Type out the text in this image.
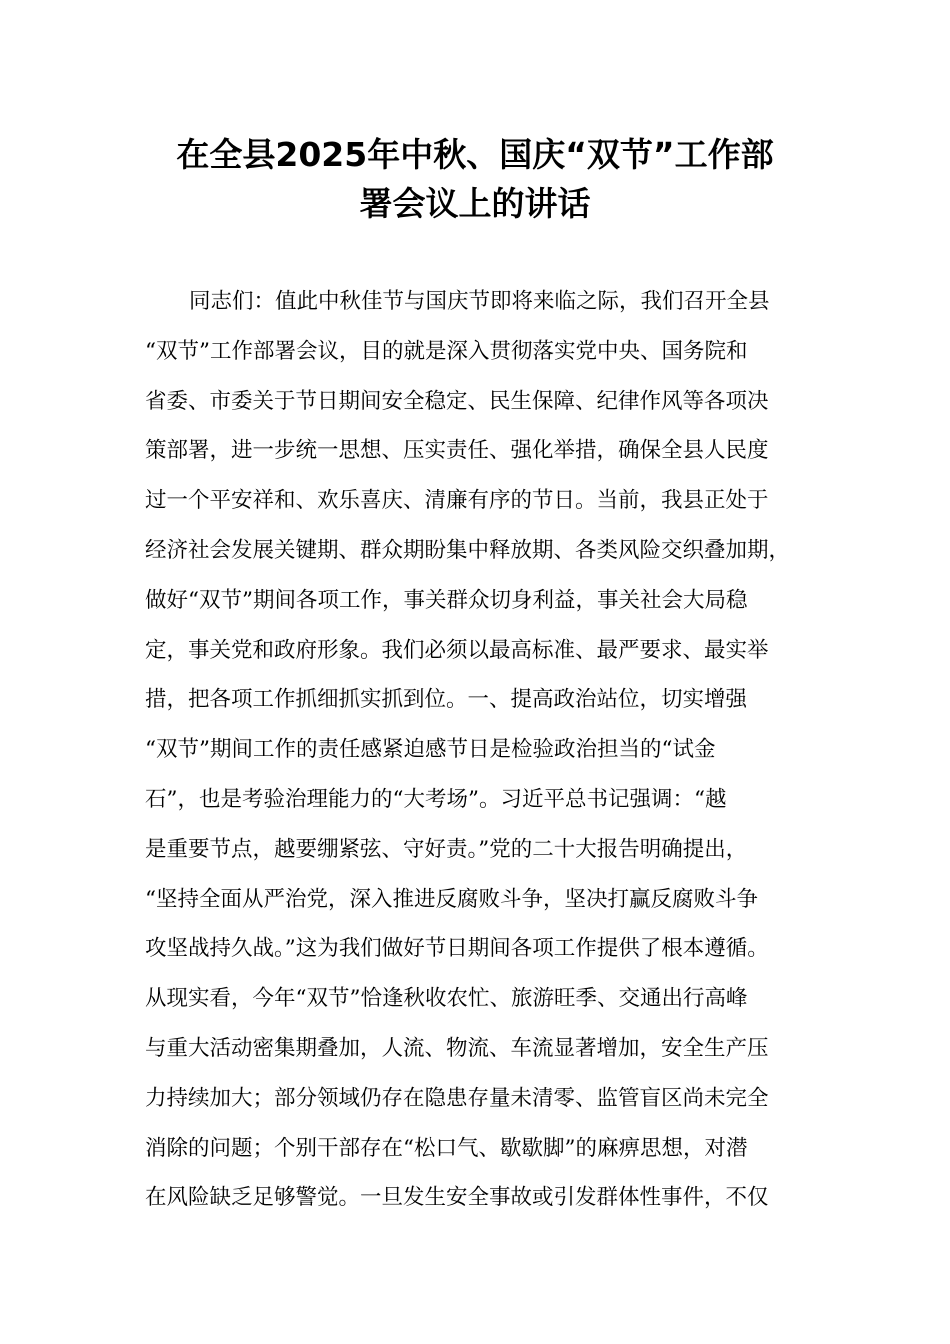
在全县2025年中秋、国庆“双节”工作部
署会议上的讲话
同志们：值此中秋佳节与国庆节即将来临之际，我们召开全县
“双节”工作部署会议，目的就是深入贯彻落实党中央、国务院和
省委、市委关于节日期间安全稳定、民生保障、纪律作风等各项决
策部署，进一步统一思想、压实责任、强化举措，确保全县人民度
过一个平安祥和、欢乐喜庆、清廉有序的节日。当前，我县正处于
经济社会发展关键期、群众期盼集中释放期、各类风险交织叠加期，
做好“双节”期间各项工作，事关群众切身利益，事关社会大局稳
定，事关党和政府形象。我们必须以最高标准、最严要求、最实举
措，把各项工作抓细抓实抓到位。一、提高政治站位，切实增强
“双节”期间工作的责任感紧迫感节日是检验政治担当的“试金
石”，也是考验治理能力的“大考场”。习近平总书记强调：“越
是重要节点，越要绷紧弦、守好责。”党的二十大报告明确提出，
“坚持全面从严治党，深入推进反腐败斗争，坚决打赢反腐败斗争
攻坚战持久战。”这为我们做好节日期间各项工作提供了根本遵循。
从现实看，今年“双节”恰逢秋收农忙、旅游旺季、交通出行高峰
与重大活动密集期叠加，人流、物流、车流显著增加，安全生产压
力持续加大；部分领域仍存在隐患存量未清零、监管盲区尚未完全
消除的问题；个别干部存在“松口气、歇歇脚”的麻痹思想，对潜
在风险缺乏足够警觉。一旦发生安全事故或引发群体性事件，不仅
